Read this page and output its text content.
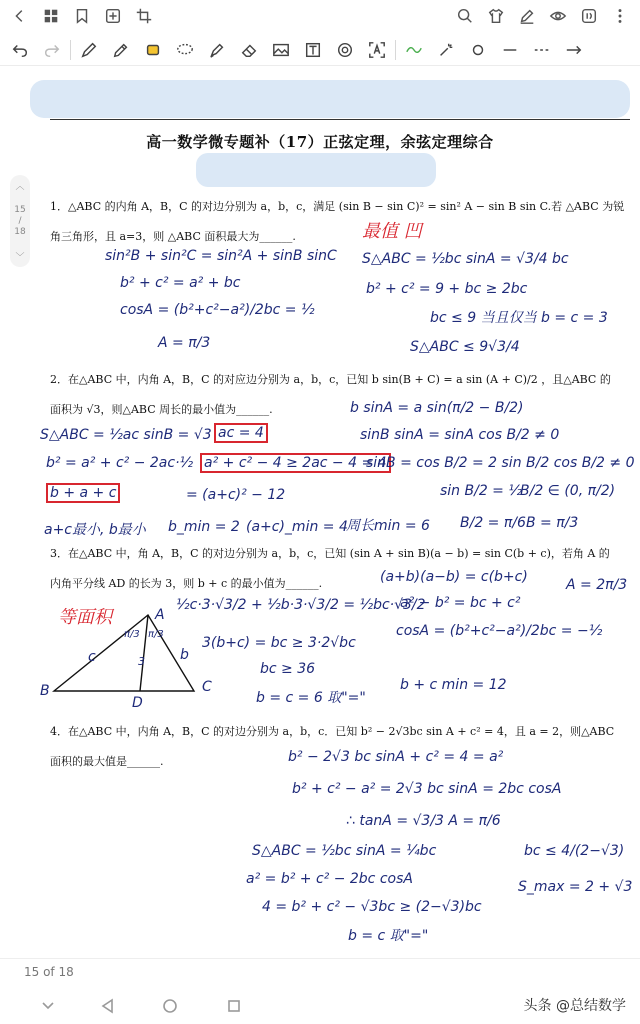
高一数学微专题补（17）正弦定理，余弦定理综合
︿
15
/
18
﹀
1．△ABC 的内角 A，B，C 的对边分别为 a，b，c，满足 (sin B − sin C)² = sin² A − sin B sin C.若 △ABC 为锐
角三角形，且 a=3，则 △ABC 面积最大为______.	最值 凹
sin²B + sin²C = sin²A + sinB sinC
b² + c² = a² + bc
cosA = (b²+c²−a²)/2bc = ½
A = π/3
S△ABC = ½bc sinA = √3/4 bc
b² + c² = 9 + bc ≥ 2bc
bc ≤ 9 当且仅当 b = c = 3
S△ABC ≤ 9√3/4
2．在△ABC 中，内角 A，B，C 的对应边分别为 a，b，c，已知 b sin(B + C) = a sin (A + C)/2 ，且△ABC 的
面积为 √3，则△ABC 周长的最小值为______.	b sinA = a sin(π/2 − B/2)
S△ABC = ½ac sinB = √3 ac = 4	sinB sinA = sinA cos B/2 ≠ 0
b² = a² + c² − 2ac·½ a² + c² − 4 ≥ 2ac − 4 = 4
sinB = cos B/2 = 2 sin B/2 cos B/2 ≠ 0
b + a + c	= (a+c)² − 12	sin B/2 = ½
B/2 ∈ (0, π/2)
a+c最小, b最小 b_min = 2 (a+c)_min = 4
周长min = 6 B/2 = π/6 B = π/3
3．在△ABC 中，角 A，B，C 的对边分别为 a，b，c，已知 (sin A + sin B)(a − b) = sin C(b + c)，若角 A 的
内角平分线 AD 的长为 3，则 b + c 的最小值为______.
等面积
(a+b)(a−b) = c(b+c)	A = 2π/3
½c·3·√3/2 + ½b·3·√3/2 = ½bc·√3/2
a² − b² = bc + c²
3(b+c) = bc ≥ 3·2√bc
cosA = (b²+c²−a²)/2bc = −½
bc ≥ 36
b = c = 6 取"="
b + c min = 12
A
π/3 π/3
B	C
D
c	b
3
4．在△ABC 中，内角 A，B，C 的对边分别为 a，b，c．已知 b² − 2√3bc sin A + c² = 4，且 a = 2，则△ABC
面积的最大值是______.	b² − 2√3 bc sinA + c² = 4 = a²
b² + c² − a² = 2√3 bc sinA = 2bc cosA
∴ tanA = √3/3 A = π/6
S△ABC = ½bc sinA = ¼bc	bc ≤ 4/(2−√3)
a² = b² + c² − 2bc cosA	S_max = 2 + √3
4 = b² + c² − √3bc ≥ (2−√3)bc
b = c 取"="
15 of 18
头条 @总结数学
